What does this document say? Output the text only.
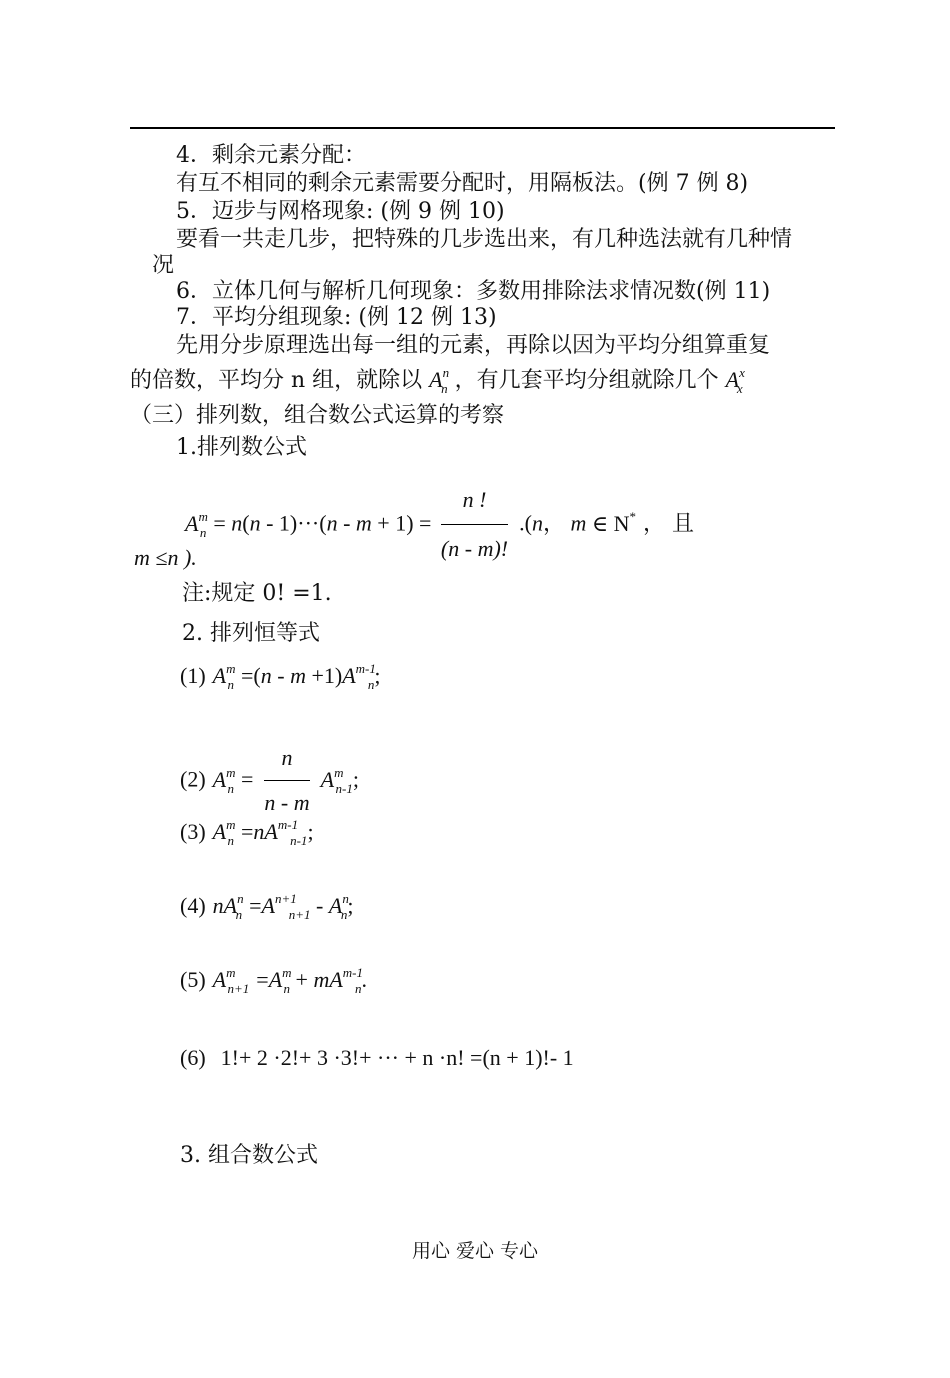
4．剩余元素分配：
有互不相同的剩余元素需要分配时，用隔板法。(例 7 例 8)
5．迈步与网格现象: (例 9 例 10)
要看一共走几步，把特殊的几步选出来，有几种选法就有几种情
况
6．立体几何与解析几何现象：多数用排除法求情况数(例 11)
7．平均分组现象: (例 12 例 13)
先用分步原理选出每一组的元素，再除以因为平均分组算重复
的倍数，平均分 n 组，就除以 $A^n_n$ ，有几套平均分组就除几个 $A^x_x$
（三）排列数，组合数公式运算的考察
1.排列数公式
$A^m_n = n(n - 1)\cdot\cdot\cdot(n - m + 1) = \frac{n !}{(n - m)!} .(n$， m ∈ N* ， 且
m ≤n ).
注:规定 0! =1.
2. 排列恒等式
(1) $A^m_n =(n - m +1)A^{m-1}_n$;
(2) $A^m_n = \frac{n}{n - m} A^m_{n-1}$;
(3) $A^m_n =nA^{m-1}_{n-1}$;
(4) $nA^n_n =A^{n+1}_{n+1} - A^n_n$;
(5) $A^m_{n+1} =A^m_n + mA^{m-1}_n$.
(6) 1!+ 2 ·2!+ 3 ·3!+ ··· + n ·n! =(n + 1)!- 1
3. 组合数公式
用心 爱心 专心
